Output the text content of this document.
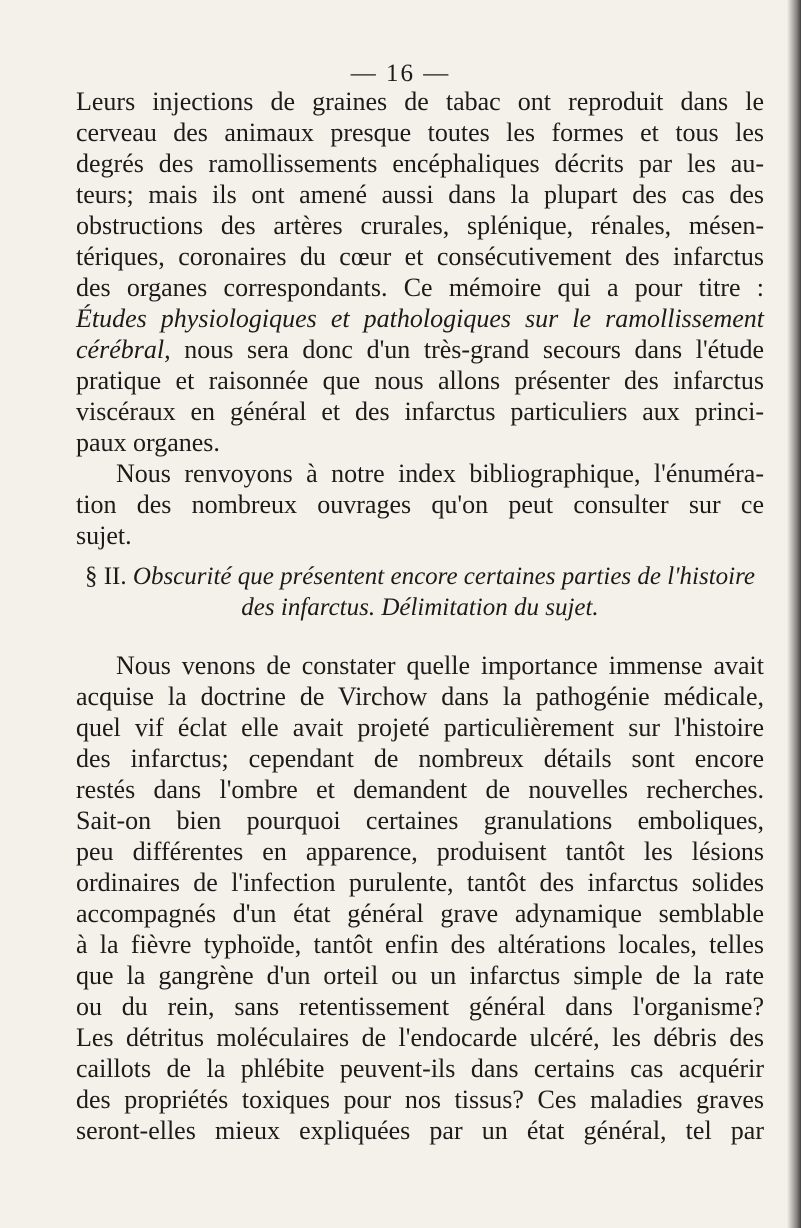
— 16 —
Leurs injections de graines de tabac ont reproduit dans le
cerveau des animaux presque toutes les formes et tous les
degrés des ramollissements encéphaliques décrits par les au-
teurs; mais ils ont amené aussi dans la plupart des cas des
obstructions des artères crurales, splénique, rénales, mésen-
tériques, coronaires du cœur et consécutivement des infarctus
des organes correspondants. Ce mémoire qui a pour titre :
Études physiologiques et pathologiques sur le ramollissement
cérébral, nous sera donc d'un très-grand secours dans l'étude
pratique et raisonnée que nous allons présenter des infarctus
viscéraux en général et des infarctus particuliers aux princi-
paux organes.
Nous renvoyons à notre index bibliographique, l'énuméra-
tion des nombreux ouvrages qu'on peut consulter sur ce
sujet.
§ II. Obscurité que présentent encore certaines parties de l'histoire
des infarctus. Délimitation du sujet.
Nous venons de constater quelle importance immense avait
acquise la doctrine de Virchow dans la pathogénie médicale,
quel vif éclat elle avait projeté particulièrement sur l'histoire
des infarctus; cependant de nombreux détails sont encore
restés dans l'ombre et demandent de nouvelles recherches.
Sait-on bien pourquoi certaines granulations emboliques,
peu différentes en apparence, produisent tantôt les lésions
ordinaires de l'infection purulente, tantôt des infarctus solides
accompagnés d'un état général grave adynamique semblable
à la fièvre typhoïde, tantôt enfin des altérations locales, telles
que la gangrène d'un orteil ou un infarctus simple de la rate
ou du rein, sans retentissement général dans l'organisme?
Les détritus moléculaires de l'endocarde ulcéré, les débris des
caillots de la phlébite peuvent-ils dans certains cas acquérir
des propriétés toxiques pour nos tissus? Ces maladies graves
seront-elles mieux expliquées par un état général, tel par
